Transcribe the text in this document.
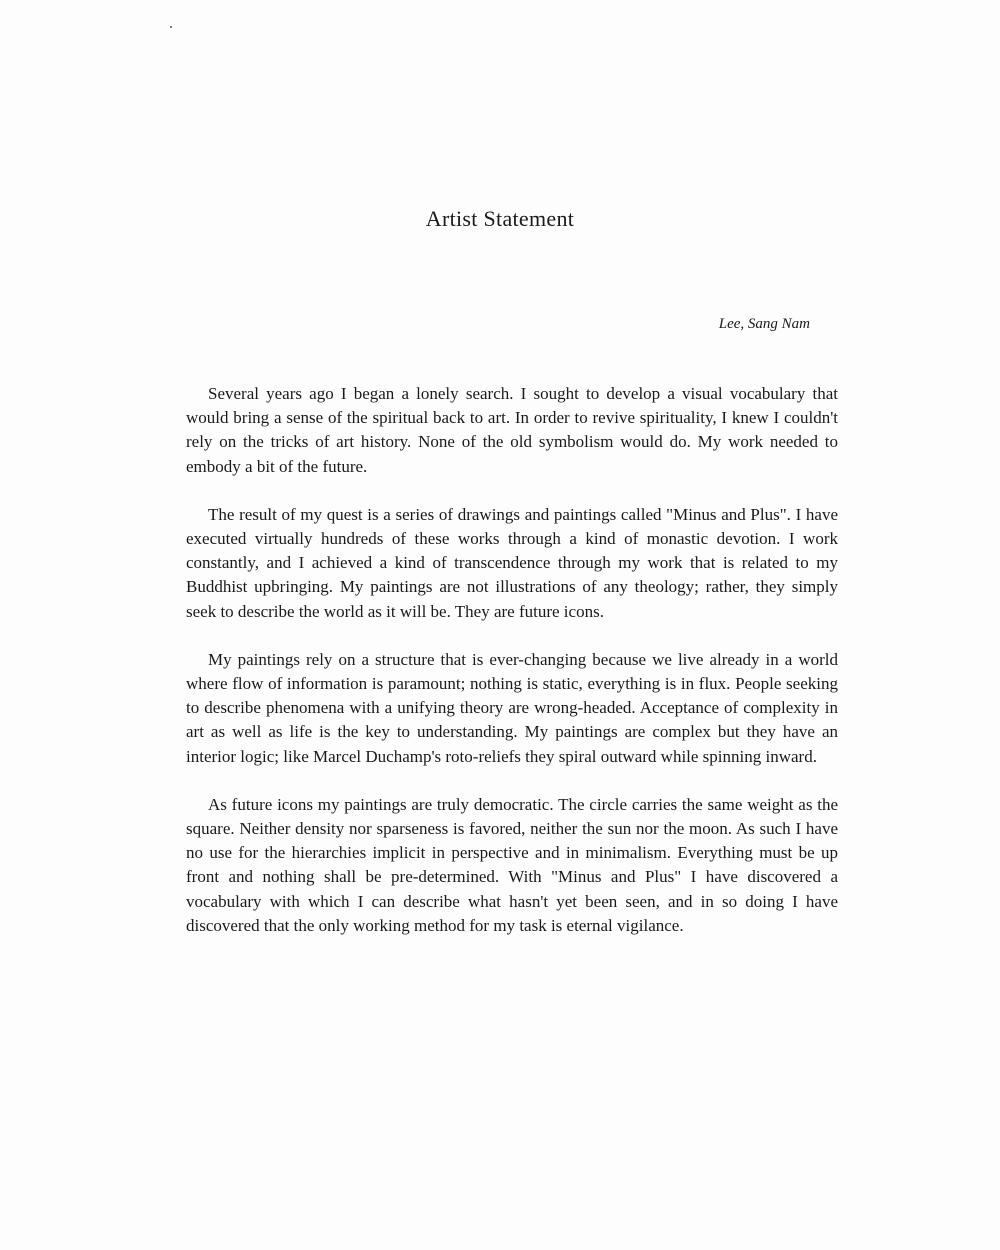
Artist Statement
Lee, Sang Nam

Several years ago I began a lonely search. I sought to develop a visual vocabulary that would bring a sense of the spiritual back to art. In order to revive spirituality, I knew I couldn't rely on the tricks of art history. None of the old symbolism would do. My work needed to embody a bit of the future.

The result of my quest is a series of drawings and paintings called "Minus and Plus". I have executed virtually hundreds of these works through a kind of monastic devotion. I work constantly, and I achieved a kind of transcendence through my work that is related to my Buddhist upbringing. My paintings are not illustrations of any theology; rather, they simply seek to describe the world as it will be. They are future icons.

My paintings rely on a structure that is ever-changing because we live already in a world where flow of information is paramount; nothing is static, everything is in flux. People seeking to describe phenomena with a unifying theory are wrong-headed. Acceptance of complexity in art as well as life is the key to understanding. My paintings are complex but they have an interior logic; like Marcel Duchamp's roto-reliefs they spiral outward while spinning inward.

As future icons my paintings are truly democratic. The circle carries the same weight as the square. Neither density nor sparseness is favored, neither the sun nor the moon. As such I have no use for the hierarchies implicit in perspective and in minimalism. Everything must be up front and nothing shall be pre-determined. With "Minus and Plus" I have discovered a vocabulary with which I can describe what hasn't yet been seen, and in so doing I have discovered that the only working method for my task is eternal vigilance.
